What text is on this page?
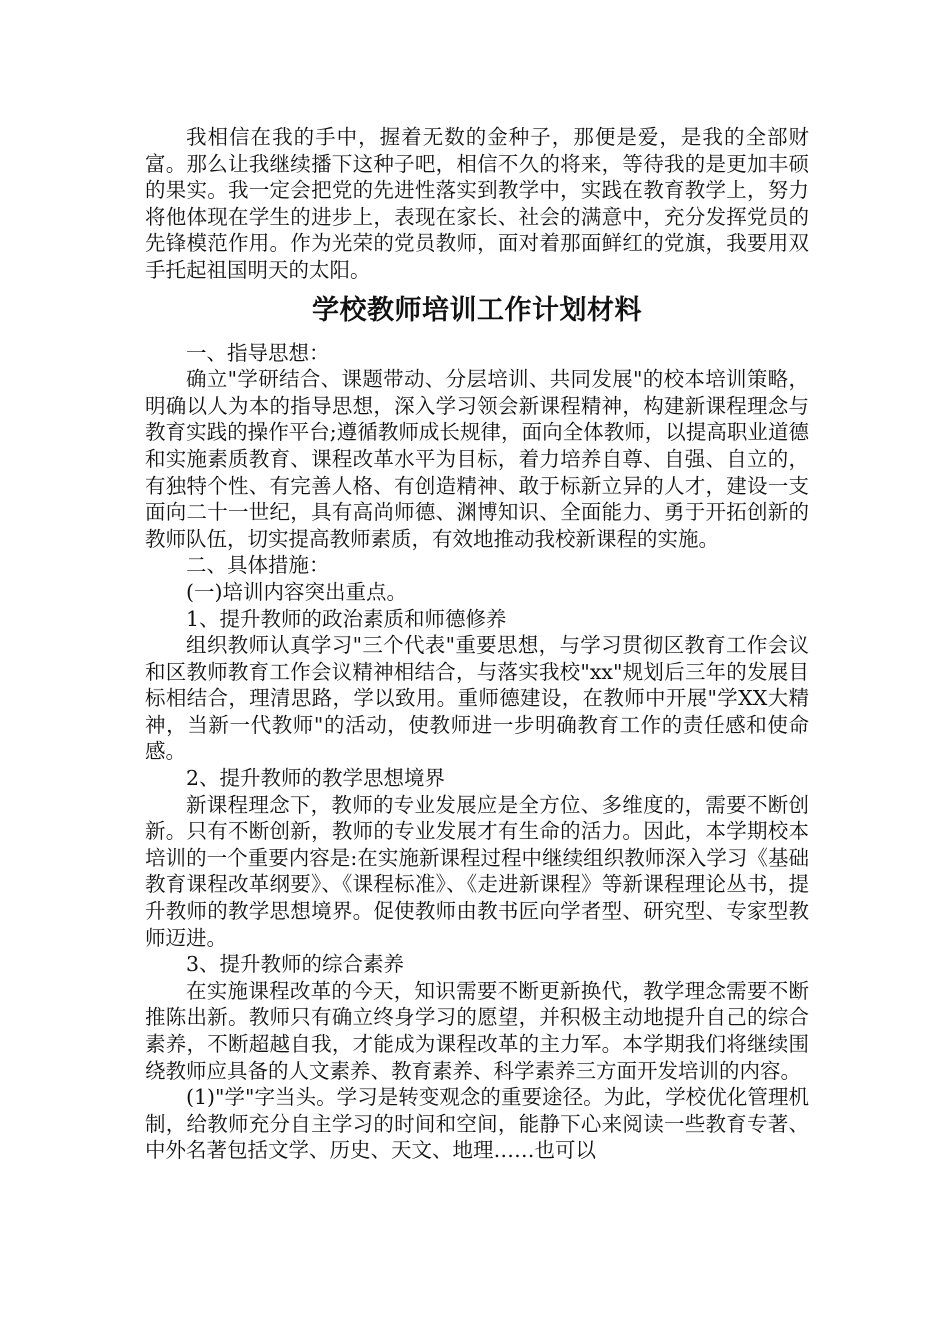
我相信在我的手中，握着无数的金种子，那便是爱，是我的全部财富。那么让我继续播下这种子吧，相信不久的将来，等待我的是更加丰硕的果实。我一定会把党的先进性落实到教学中，实践在教育教学上，努力将他体现在学生的进步上，表现在家长、社会的满意中，充分发挥党员的先锋模范作用。作为光荣的党员教师，面对着那面鲜红的党旗，我要用双手托起祖国明天的太阳。

学校教师培训工作计划材料

一、指导思想：

确立"学研结合、课题带动、分层培训、共同发展"的校本培训策略，明确以人为本的指导思想，深入学习领会新课程精神，构建新课程理念与教育实践的操作平台;遵循教师成长规律，面向全体教师，以提高职业道德和实施素质教育、课程改革水平为目标，着力培养自尊、自强、自立的，有独特个性、有完善人格、有创造精神、敢于标新立异的人才，建设一支面向二十一世纪，具有高尚师德、渊博知识、全面能力、勇于开拓创新的教师队伍，切实提高教师素质，有效地推动我校新课程的实施。

二、具体措施：

(一)培训内容突出重点。

1、提升教师的政治素质和师德修养

组织教师认真学习"三个代表"重要思想，与学习贯彻区教育工作会议和区教师教育工作会议精神相结合，与落实我校"xx"规划后三年的发展目标相结合，理清思路，学以致用。重师德建设，在教师中开展"学XX大精神，当新一代教师"的活动，使教师进一步明确教育工作的责任感和使命感。

2、提升教师的教学思想境界

新课程理念下，教师的专业发展应是全方位、多维度的，需要不断创新。只有不断创新，教师的专业发展才有生命的活力。因此，本学期校本培训的一个重要内容是:在实施新课程过程中继续组织教师深入学习《基础教育课程改革纲要》、《课程标准》、《走进新课程》等新课程理论丛书，提升教师的教学思想境界。促使教师由教书匠向学者型、研究型、专家型教师迈进。

3、提升教师的综合素养

在实施课程改革的今天，知识需要不断更新换代，教学理念需要不断推陈出新。教师只有确立终身学习的愿望，并积极主动地提升自己的综合素养，不断超越自我，才能成为课程改革的主力军。本学期我们将继续围绕教师应具备的人文素养、教育素养、科学素养三方面开发培训的内容。

(1)"学"字当头。学习是转变观念的重要途径。为此，学校优化管理机制，给教师充分自主学习的时间和空间，能静下心来阅读一些教育专著、中外名著包括文学、历史、天文、地理……也可以
